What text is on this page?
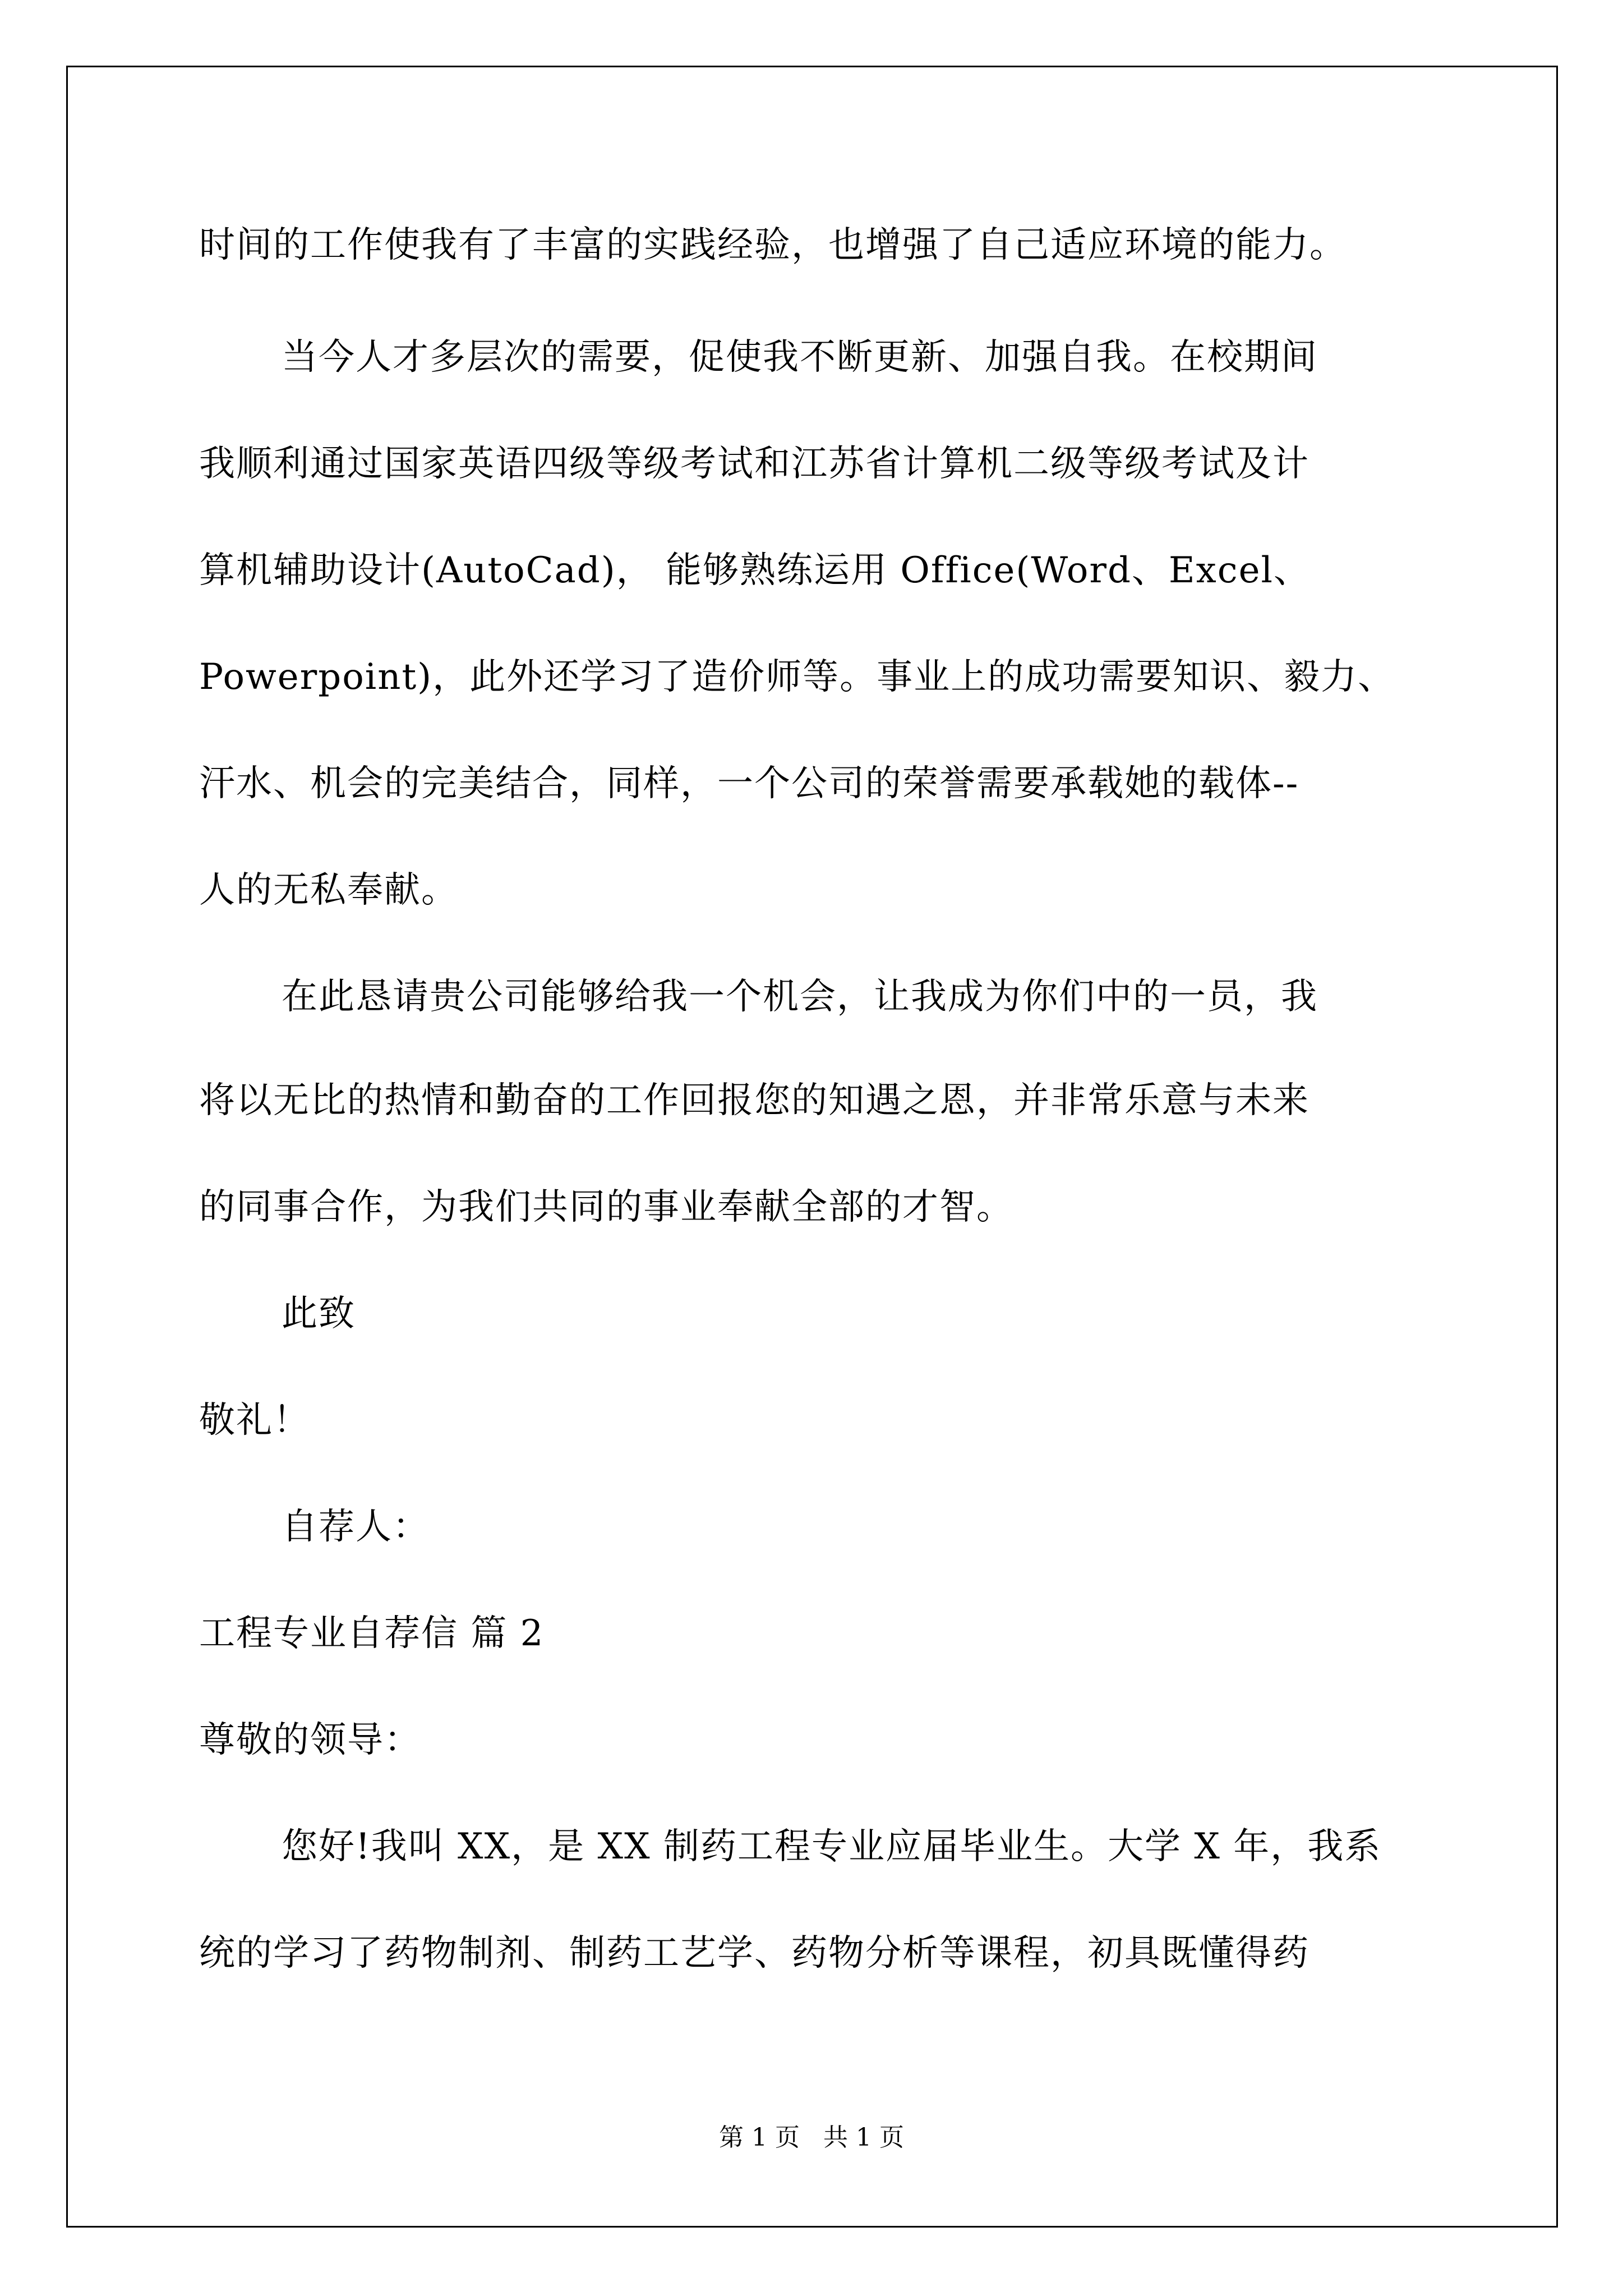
时间的工作使我有了丰富的实践经验，也增强了自己适应环境的能力。
当今人才多层次的需要，促使我不断更新、加强自我。在校期间
我顺利通过国家英语四级等级考试和江苏省计算机二级等级考试及计
算机辅助设计(AutoCad)， 能够熟练运用 Office(Word、Excel、
Powerpoint)，此外还学习了造价师等。事业上的成功需要知识、毅力、
汗水、机会的完美结合，同样，一个公司的荣誉需要承载她的载体--
人的无私奉献。
在此恳请贵公司能够给我一个机会，让我成为你们中的一员，我
将以无比的热情和勤奋的工作回报您的知遇之恩，并非常乐意与未来
的同事合作，为我们共同的事业奉献全部的才智。
此致
敬礼！
自荐人：
工程专业自荐信 篇 2
尊敬的领导：
您好!我叫 XX，是 XX 制药工程专业应届毕业生。大学 X 年，我系
统的学习了药物制剂、制药工艺学、药物分析等课程，初具既懂得药
第 1 页   共 1 页
